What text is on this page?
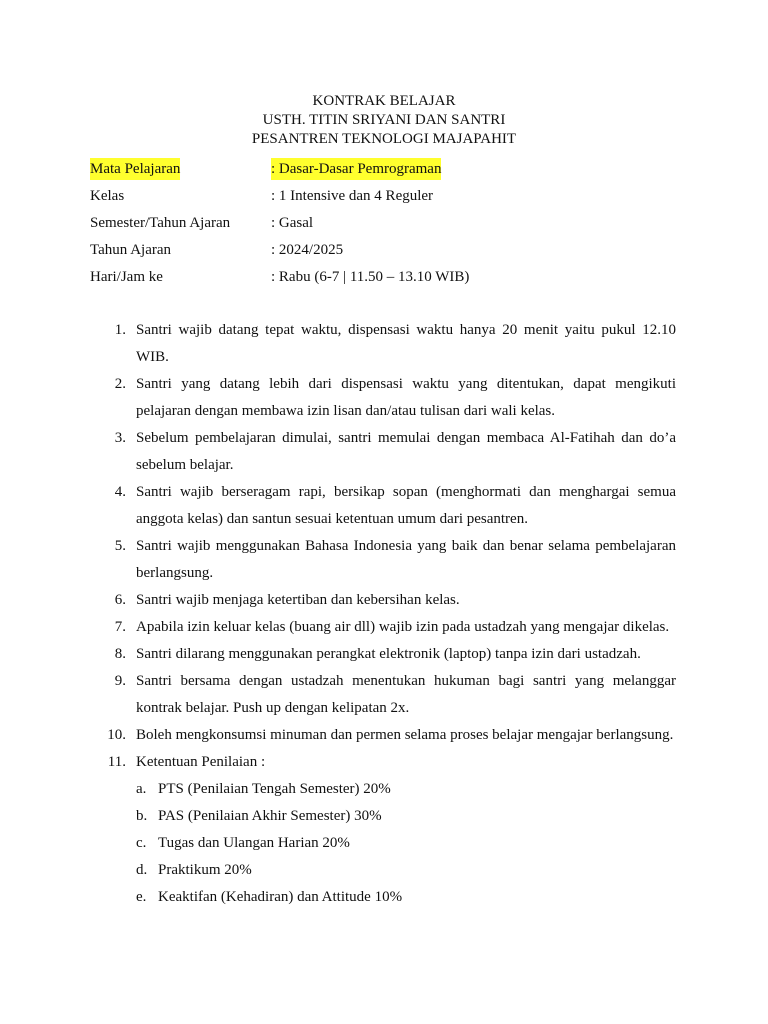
KONTRAK BELAJAR
USTH. TITIN SRIYANI DAN SANTRI
PESANTREN TEKNOLOGI MAJAPAHIT
Mata Pelajaran	: Dasar-Dasar Pemrograman
Kelas	: 1 Intensive dan 4 Reguler
Semester/Tahun Ajaran	: Gasal
Tahun Ajaran	: 2024/2025
Hari/Jam ke	: Rabu (6-7 | 11.50 – 13.10 WIB)
1. Santri wajib datang tepat waktu, dispensasi waktu hanya 20 menit yaitu pukul 12.10 WIB.
2. Santri yang datang lebih dari dispensasi waktu yang ditentukan, dapat mengikuti pelajaran dengan membawa izin lisan dan/atau tulisan dari wali kelas.
3. Sebelum pembelajaran dimulai, santri memulai dengan membaca Al-Fatihah dan do’a sebelum belajar.
4. Santri wajib berseragam rapi, bersikap sopan (menghormati dan menghargai semua anggota kelas) dan santun sesuai ketentuan umum dari pesantren.
5. Santri wajib menggunakan Bahasa Indonesia yang baik dan benar selama pembelajaran berlangsung.
6. Santri wajib menjaga ketertiban dan kebersihan kelas.
7. Apabila izin keluar kelas (buang air dll) wajib izin pada ustadzah yang mengajar dikelas.
8. Santri dilarang menggunakan perangkat elektronik (laptop) tanpa izin dari ustadzah.
9. Santri bersama dengan ustadzah menentukan hukuman bagi santri yang melanggar kontrak belajar. Push up dengan kelipatan 2x.
10. Boleh mengkonsumsi minuman dan permen selama proses belajar mengajar berlangsung.
11. Ketentuan Penilaian :
a. PTS (Penilaian Tengah Semester) 20%
b. PAS (Penilaian Akhir Semester) 30%
c. Tugas dan Ulangan Harian 20%
d. Praktikum 20%
e. Keaktifan (Kehadiran) dan Attitude 10%
